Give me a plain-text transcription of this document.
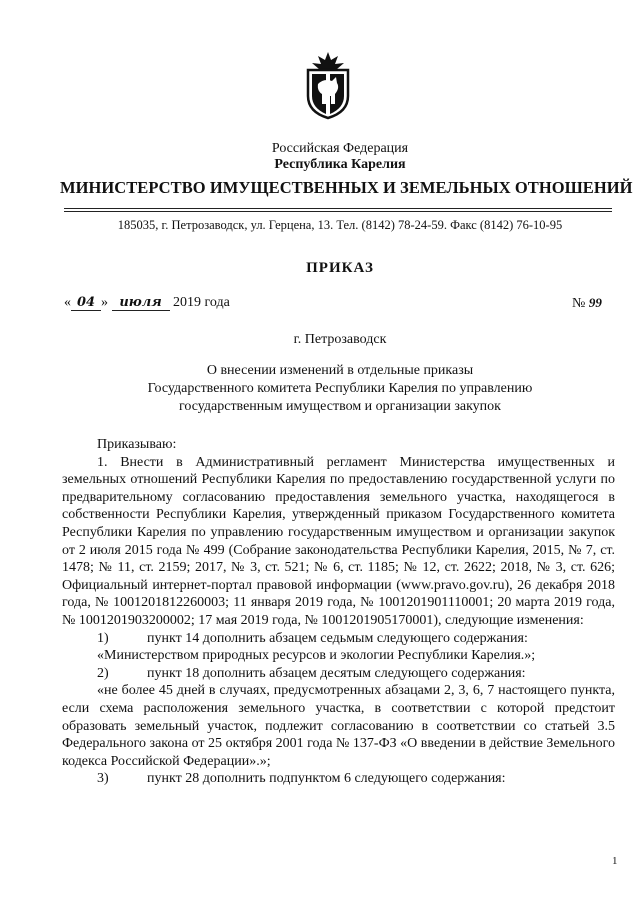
Российская Федерация
Республика Карелия
МИНИСТЕРСТВО ИМУЩЕСТВЕННЫХ И ЗЕМЕЛЬНЫХ ОТНОШЕНИЙ
185035, г. Петрозаводск, ул. Герцена, 13. Тел. (8142) 78-24-59. Факс (8142) 76-10-95
ПРИКАЗ
« 04 » июля 2019 года	№ 99
г. Петрозаводск
О внесении изменений в отдельные приказы
Государственного комитета Республики Карелия по управлению
государственным имуществом и организации закупок

Приказываю:

1. Внести в Административный регламент Министерства имущественных и земельных отношений Республики Карелия по предоставлению государственной услуги по предварительному согласованию предоставления земельного участка, находящегося в собственности Республики Карелия, утвержденный приказом Государственного комитета Республики Карелия по управлению государственным имуществом и организации закупок от 2 июля 2015 года № 499 (Собрание законодательства Республики Карелия, 2015, № 7, ст. 1478; № 11, ст. 2159; 2017, № 3, ст. 521; № 6, ст. 1185; № 12, ст. 2622; 2018, № 3, ст. 626; Официальный интернет-портал правовой информации (www.pravo.gov.ru), 26 декабря 2018 года, № 1001201812260003; 11 января 2019 года, № 1001201901110001; 20 марта 2019 года, № 1001201903200002; 17 мая 2019 года, № 1001201905170001), следующие изменения:

1)	пункт 14 дополнить абзацем седьмым следующего содержания:

«Министерством природных ресурсов и экологии Республики Карелия.»;

2)	пункт 18 дополнить абзацем десятым следующего содержания:

«не более 45 дней в случаях, предусмотренных абзацами 2, 3, 6, 7 настоящего пункта, если схема расположения земельного участка, в соответствии с которой предстоит образовать земельный участок, подлежит согласованию в соответствии со статьей 3.5 Федерального закона от 25 октября 2001 года № 137-ФЗ «О введении в действие Земельного кодекса Российской Федерации».»;

3)	пункт 28 дополнить подпунктом 6 следующего содержания:
1
